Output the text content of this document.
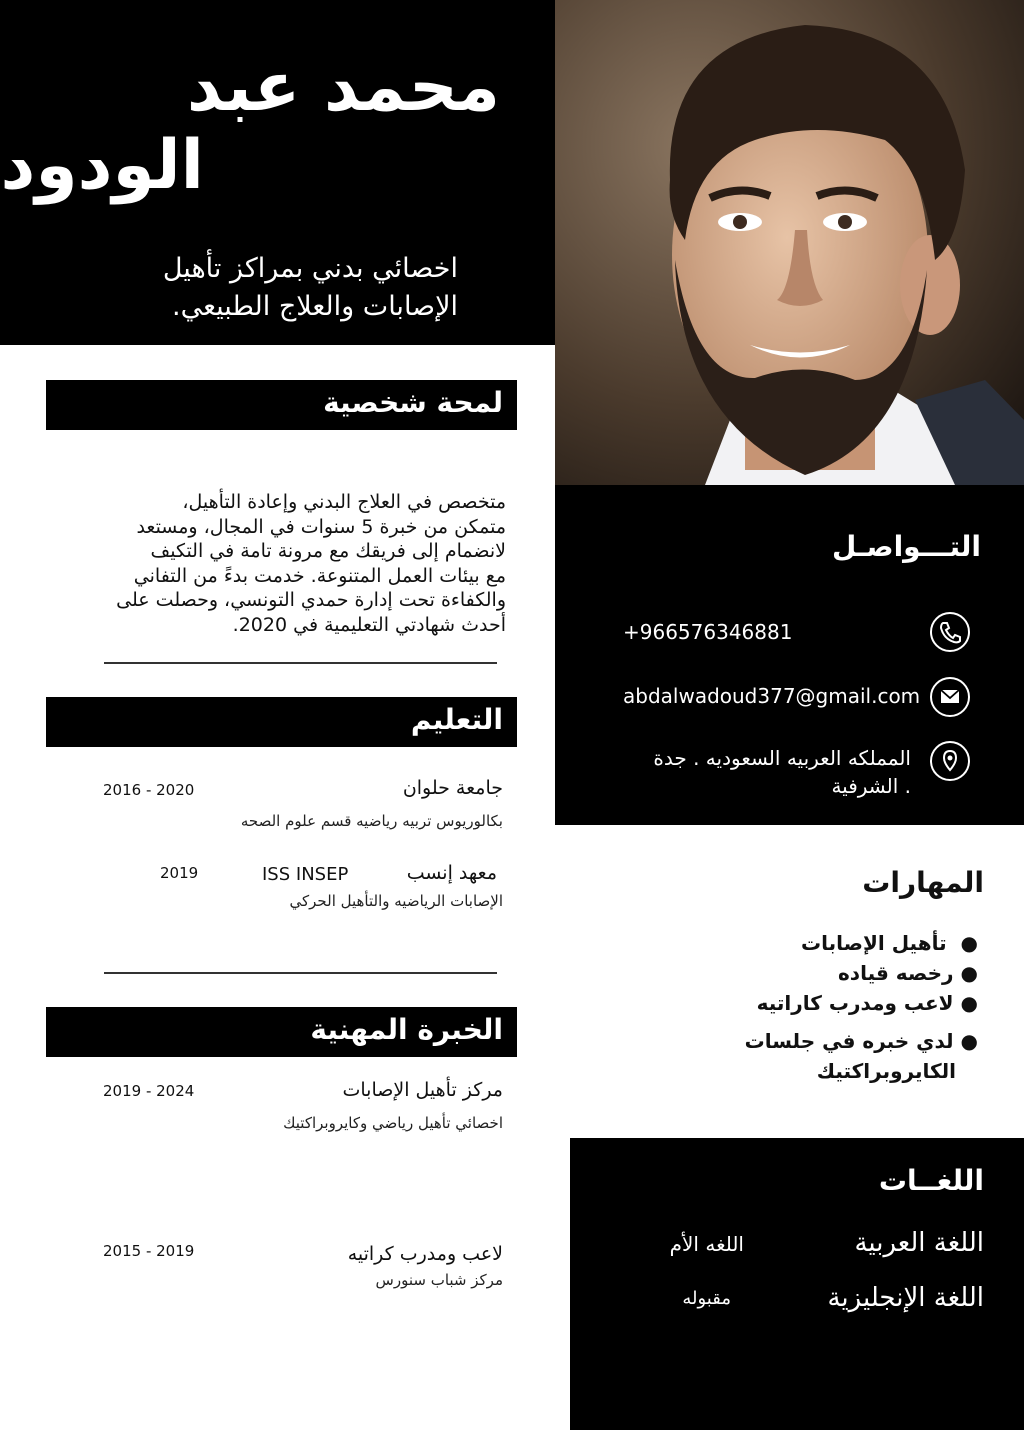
محمد عبد
الودود
اخصائي بدني بمراكز تأهيل
الإصابات والعلاج الطبيعي.
لمحة شخصية
متخصص في العلاج البدني وإعادة التأهيل،
متمكن من خبرة 5 سنوات في المجال، ومستعد
لانضمام إلى فريقك مع مرونة تامة في التكيف
مع بيئات العمل المتنوعة. خدمت بدءً من التفاني
والكفاءة تحت إدارة حمدي التونسي، وحصلت على
أحدث شهادتي التعليمية في 2020.
التعليم
جامعة حلوان
2016 - 2020
بكالوريوس تربيه رياضيه قسم علوم الصحه
معهد إنسب
ISS INSEP
2019
الإصابات الرياضيه والتأهيل الحركي
الخبرة المهنية
مركز تأهيل الإصابات
2019 - 2024
اخصائي تأهيل رياضي وكايروبراكتيك
لاعب ومدرب كراتيه
2015 - 2019
مركز شباب سنورس
التـــواصـل
+966576346881
abdalwadoud377@gmail.com
المملكه العربيه السعوديه . جدة
. الشرفية
المهارات
●  تأهيل الإصابات
● رخصه قياده
● لاعب ومدرب كاراتيه
● لدي خبره في جلسات
الكايروبراكتيك
اللغــات
اللغة العربية
اللغه الأم
اللغة الإنجليزية
مقبوله
